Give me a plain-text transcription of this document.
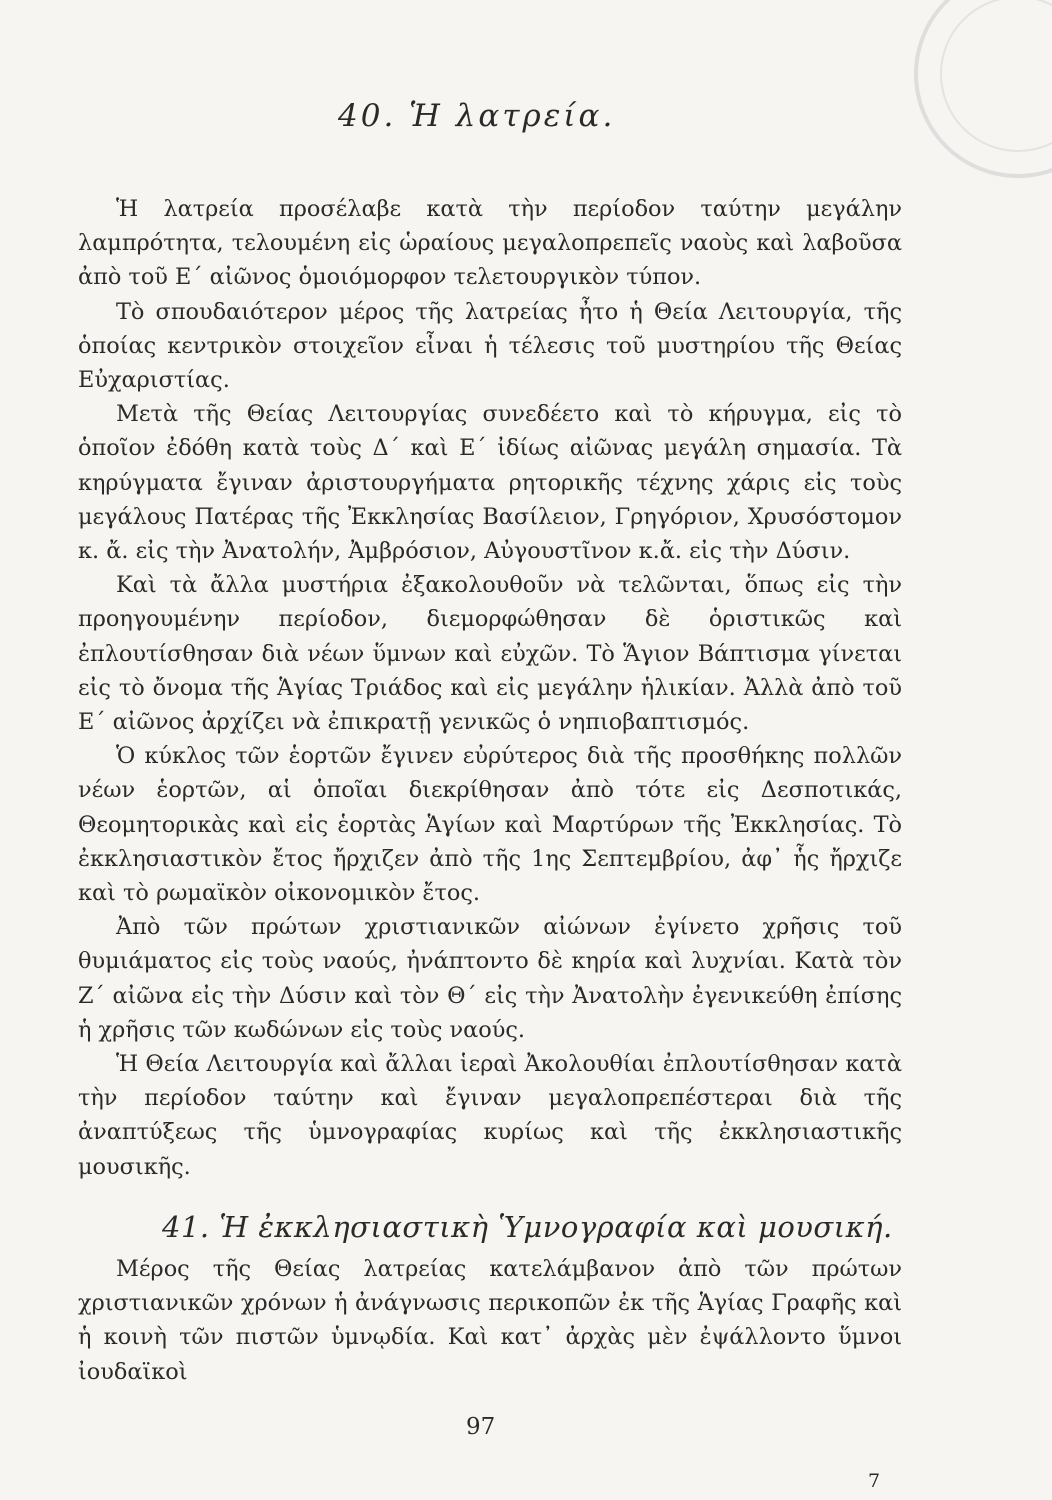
40. Ἡ λατρεία.

Ἡ λατρεία προσέλαβε κατὰ τὴν περίοδον ταύτην μεγάλην λαμπρότητα, τελουμένη εἰς ὡραίους μεγαλοπρεπεῖς ναοὺς καὶ λαβοῦσα ἀπὸ τοῦ Ε΄ αἰῶνος ὁμοιόμορφον τελετουργικὸν τύπον.

Τὸ σπουδαιότερον μέρος τῆς λατρείας ἦτο ἡ Θεία Λειτουργία, τῆς ὁποίας κεντρικὸν στοιχεῖον εἶναι ἡ τέλεσις τοῦ μυστηρίου τῆς Θείας Εὐχαριστίας.

Μετὰ τῆς Θείας Λειτουργίας συνεδέετο καὶ τὸ κήρυγμα, εἰς τὸ ὁποῖον ἐδόθη κατὰ τοὺς Δ΄ καὶ Ε΄ ἰδίως αἰῶνας μεγάλη σημασία. Τὰ κηρύγματα ἔγιναν ἀριστουργήματα ρητορικῆς τέχνης χάρις εἰς τοὺς μεγάλους Πατέρας τῆς Ἐκκλησίας Βασίλειον, Γρηγόριον, Χρυσόστομον κ. ἄ. εἰς τὴν Ἀνατολήν, Ἀμβρόσιον, Αὐγουστῖνον κ.ἄ. εἰς τὴν Δύσιν.

Καὶ τὰ ἄλλα μυστήρια ἐξακολουθοῦν νὰ τελῶνται, ὅπως εἰς τὴν προηγουμένην περίοδον, διεμορφώθησαν δὲ ὁριστικῶς καὶ ἐπλουτίσθησαν διὰ νέων ὕμνων καὶ εὐχῶν. Τὸ Ἅγιον Βάπτισμα γίνεται εἰς τὸ ὄνομα τῆς Ἁγίας Τριάδος καὶ εἰς μεγάλην ἡλικίαν. Ἀλλὰ ἀπὸ τοῦ Ε΄ αἰῶνος ἀρχίζει νὰ ἐπικρατῇ γενικῶς ὁ νηπιοβαπτισμός.

Ὁ κύκλος τῶν ἑορτῶν ἔγινεν εὐρύτερος διὰ τῆς προσθήκης πολλῶν νέων ἑορτῶν, αἱ ὁποῖαι διεκρίθησαν ἀπὸ τότε εἰς Δεσποτικάς, Θεομητορικὰς καὶ εἰς ἑορτὰς Ἁγίων καὶ Μαρτύρων τῆς Ἐκκλησίας. Τὸ ἐκκλησιαστικὸν ἔτος ἤρχιζεν ἀπὸ τῆς 1ης Σεπτεμβρίου, ἀφ᾿ ἧς ἤρχιζε καὶ τὸ ρωμαϊκὸν οἰκονομικὸν ἔτος.

Ἀπὸ τῶν πρώτων χριστιανικῶν αἰώνων ἐγίνετο χρῆσις τοῦ θυμιάματος εἰς τοὺς ναούς, ἠνάπτοντο δὲ κηρία καὶ λυχνίαι. Κατὰ τὸν Ζ΄ αἰῶνα εἰς τὴν Δύσιν καὶ τὸν Θ΄ εἰς τὴν Ἀνατολὴν ἐγενικεύθη ἐπίσης ἡ χρῆσις τῶν κωδώνων εἰς τοὺς ναούς.

Ἡ Θεία Λειτουργία καὶ ἄλλαι ἱεραὶ Ἀκολουθίαι ἐπλουτίσθησαν κατὰ τὴν περίοδον ταύτην καὶ ἔγιναν μεγαλοπρεπέστεραι διὰ τῆς ἀναπτύξεως τῆς ὑμνογραφίας κυρίως καὶ τῆς ἐκκλησιαστικῆς μουσικῆς.

41. Ἡ ἐκκλησιαστικὴ Ὑμνογραφία καὶ μουσική.

Μέρος τῆς Θείας λατρείας κατελάμβανον ἀπὸ τῶν πρώτων χριστιανικῶν χρόνων ἡ ἀνάγνωσις περικοπῶν ἐκ τῆς Ἁγίας Γραφῆς καὶ ἡ κοινὴ τῶν πιστῶν ὑμνῳδία. Καὶ κατ᾿ ἀρχὰς μὲν ἐψάλλοντο ὕμνοι ἰουδαϊκοὶ

97
7
